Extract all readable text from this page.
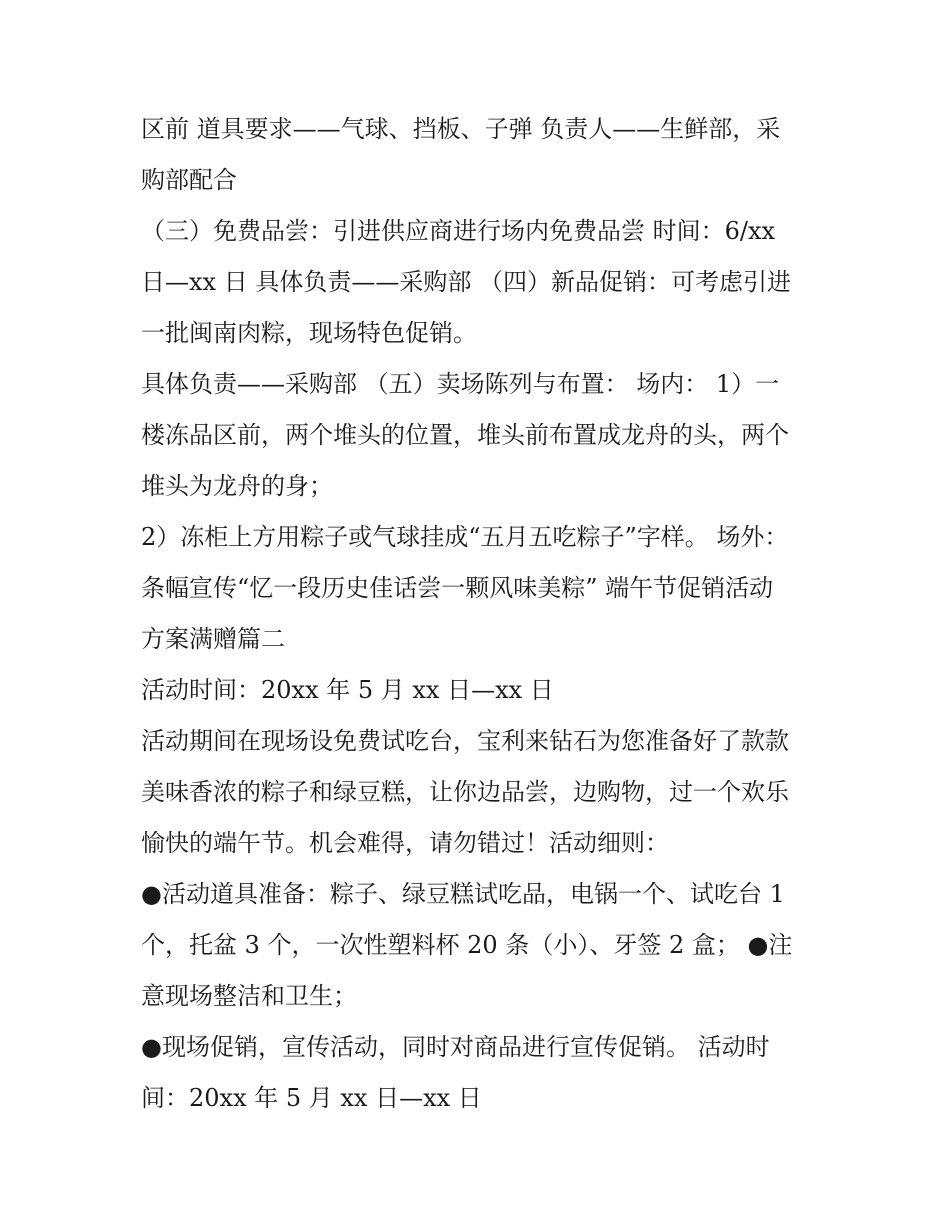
区前 道具要求——气球、挡板、子弹 负责人——生鲜部，采
购部配合
（三）免费品尝：引进供应商进行场内免费品尝 时间：6/xx
日—xx 日 具体负责——采购部 （四）新品促销：可考虑引进
一批闽南肉粽，现场特色促销。
具体负责——采购部 （五）卖场陈列与布置： 场内： 1）一
楼冻品区前，两个堆头的位置，堆头前布置成龙舟的头，两个
堆头为龙舟的身；
2）冻柜上方用粽子或气球挂成“五月五吃粽子”字样。 场外：
条幅宣传“忆一段历史佳话尝一颗风味美粽” 端午节促销活动
方案满赠篇二
活动时间：20xx 年 5 月 xx 日—xx 日
活动期间在现场设免费试吃台，宝利来钻石为您准备好了款款
美味香浓的粽子和绿豆糕，让你边品尝，边购物，过一个欢乐
愉快的端午节。机会难得，请勿错过！活动细则：
●活动道具准备：粽子、绿豆糕试吃品，电锅一个、试吃台 1
个，托盆 3 个，一次性塑料杯 20 条（小）、牙签 2 盒； ●注
意现场整洁和卫生；
●现场促销，宣传活动，同时对商品进行宣传促销。 活动时
间：20xx 年 5 月 xx 日—xx 日
